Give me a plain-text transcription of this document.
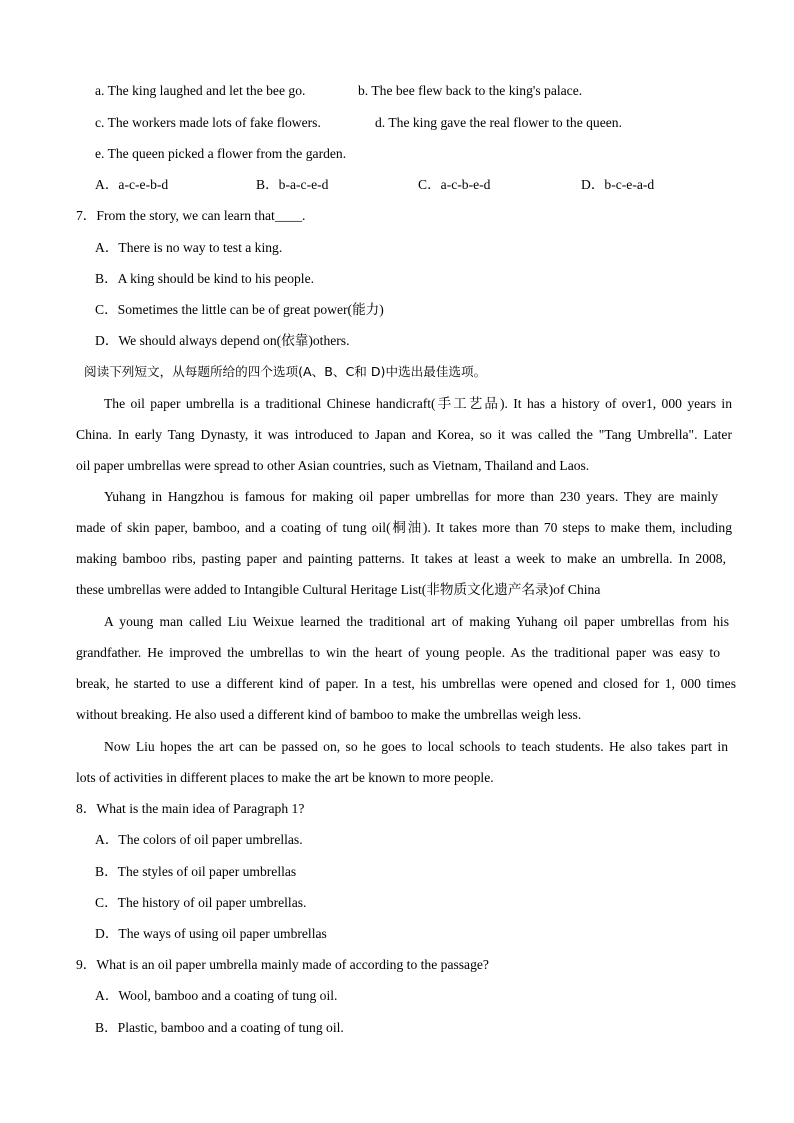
a. The king laughed and let the bee go.	b. The bee flew back to the king's palace.
c. The workers made lots of fake flowers.	d. The king gave the real flower to the queen.
e. The queen picked a flower from the garden.
A．a-c-e-b-d	B．b-a-c-e-d	C．a-c-b-e-d	D．b-c-e-a-d
7．From the story, we can learn that____.
A．There is no way to test a king.
B．A king should be kind to his people.
C．Sometimes the little can be of great power(能力)
D．We should always depend on(依靠)others.
阅读下列短文，从每题所给的四个选项(A、B、C和 D)中选出最佳选项。
The oil paper umbrella is a traditional Chinese handicraft(手工艺品). It has a history of over1, 000 years in
China. In early Tang Dynasty, it was introduced to Japan and Korea, so it was called the "Tang Umbrella". Later
oil paper umbrellas were spread to other Asian countries, such as Vietnam, Thailand and Laos.
Yuhang in Hangzhou is famous for making oil paper umbrellas for more than 230 years. They are mainly
made of skin paper, bamboo, and a coating of tung oil(桐油). It takes more than 70 steps to make them, including
making bamboo ribs, pasting paper and painting patterns. It takes at least a week to make an umbrella. In 2008,
these umbrellas were added to Intangible Cultural Heritage List(非物质文化遗产名录)of China
A young man called Liu Weixue learned the traditional art of making Yuhang oil paper umbrellas from his
grandfather. He improved the umbrellas to win the heart of young people. As the traditional paper was easy to
break, he started to use a different kind of paper. In a test, his umbrellas were opened and closed for 1, 000 times
without breaking. He also used a different kind of bamboo to make the umbrellas weigh less.
Now Liu hopes the art can be passed on, so he goes to local schools to teach students. He also takes part in
lots of activities in different places to make the art be known to more people.
8．What is the main idea of Paragraph 1?
A．The colors of oil paper umbrellas.
B．The styles of oil paper umbrellas
C．The history of oil paper umbrellas.
D．The ways of using oil paper umbrellas
9．What is an oil paper umbrella mainly made of according to the passage?
A．Wool, bamboo and a coating of tung oil.
B．Plastic, bamboo and a coating of tung oil.
